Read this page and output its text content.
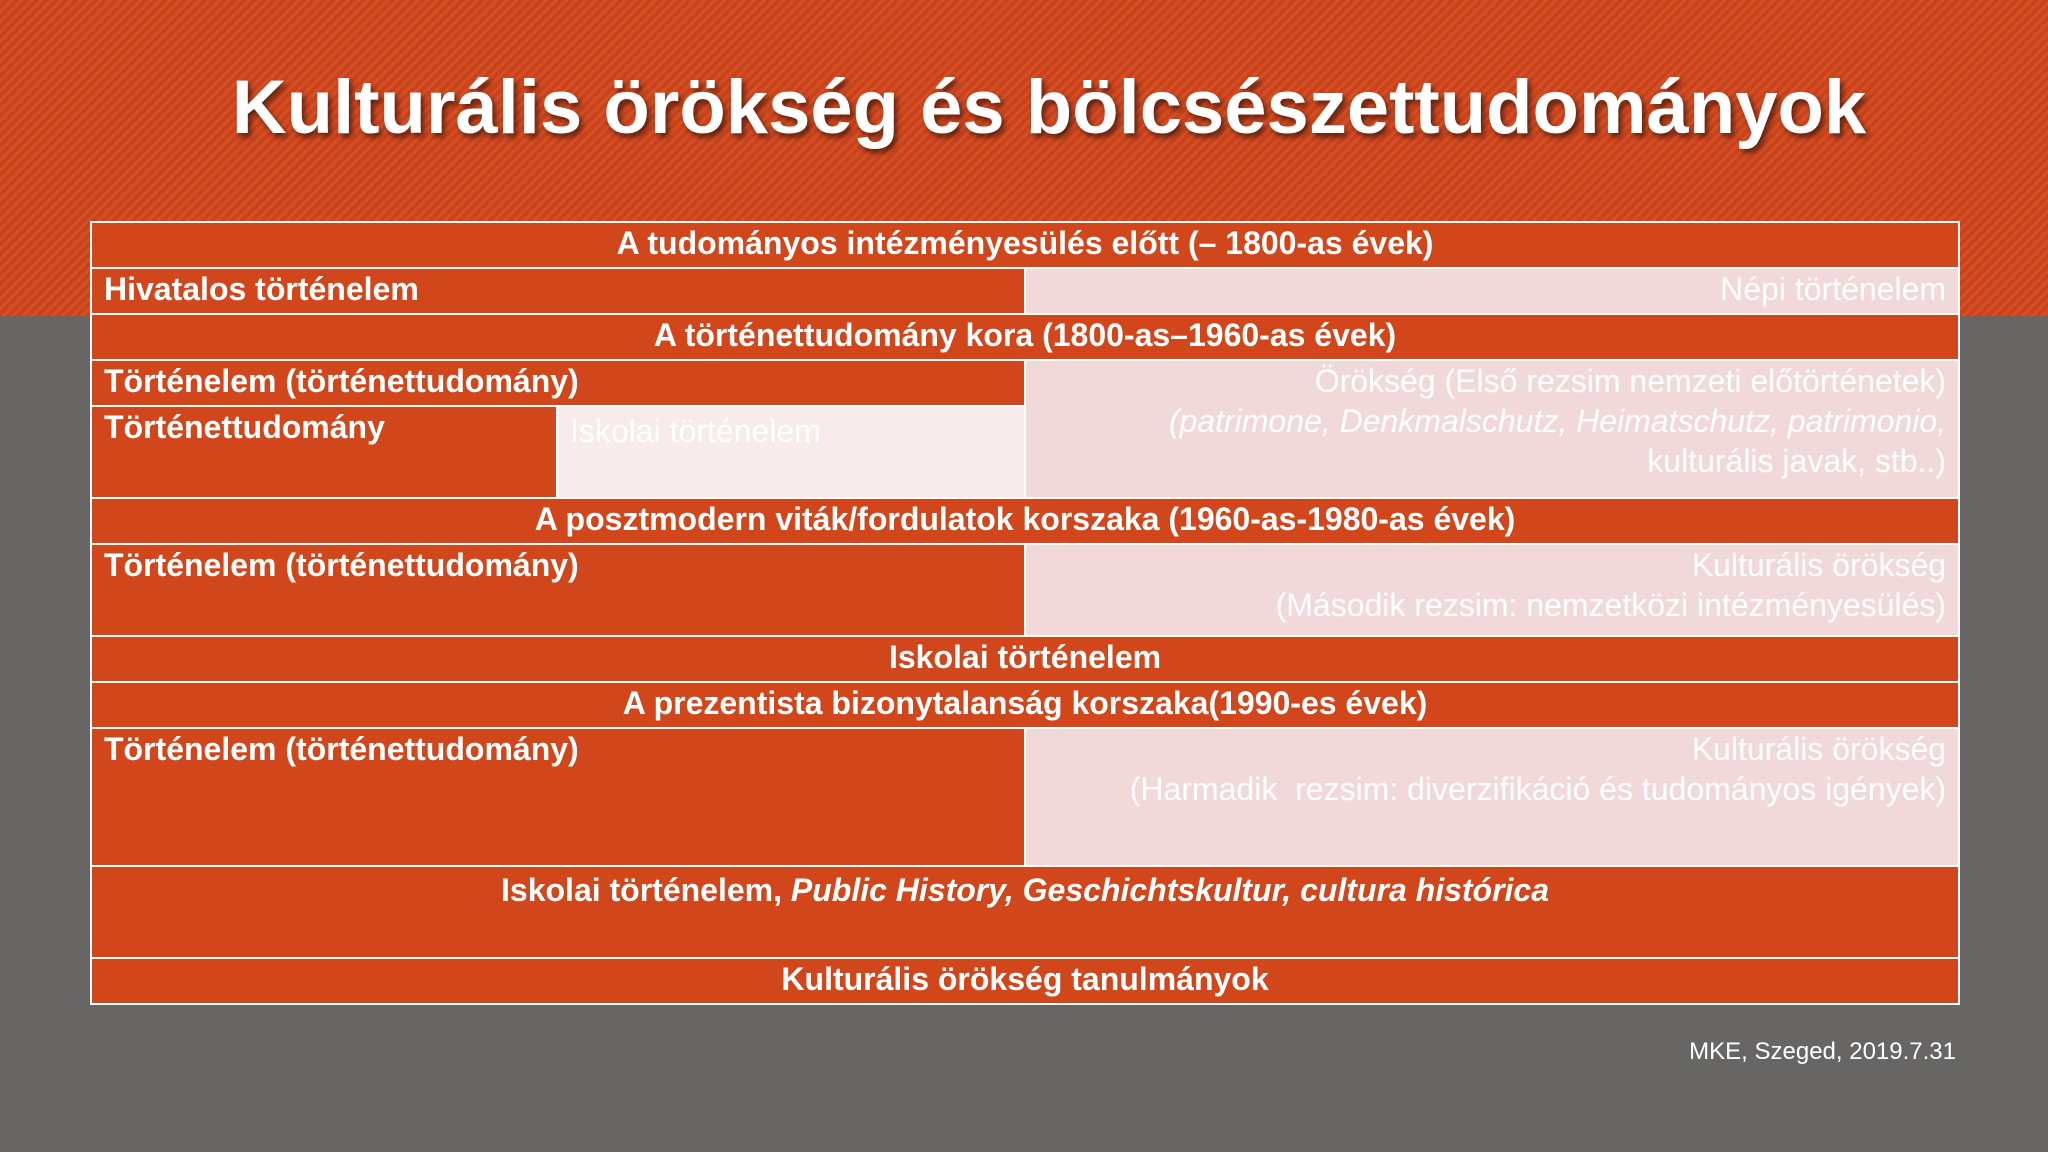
Kulturális örökség és bölcsészettudományok
A tudományos intézményesülés előtt (– 1800-as évek)		
Hivatalos történelem		Népi történelem
A történettudomány kora (1800-as–1960-as évek)		
Történelem (történettudomány)		Örökség (Első rezsim nemzeti előtörténetek)
(patrimone, Denkmalschutz, Heimatschutz, patrimonio,
kulturális javak, stb..)

Történettudomány	Iskolai történelem	
A posztmodern viták/fordulatok korszaka (1960-as-1980-as évek)		
Történelem (történettudomány)		Kulturális örökség
(Második rezsim: nemzetközi intézményesülés)

Iskolai történelem		
A prezentista bizonytalanság korszaka(1990-es évek)		
Történelem (történettudomány)		Kulturális örökség
(Harmadik  rezsim: diverzifikáció és tudományos igények)

Iskolai történelem, Public History, Geschichtskultur, cultura histórica		
Kulturális örökség tanulmányok		
MKE, Szeged, 2019.7.31
